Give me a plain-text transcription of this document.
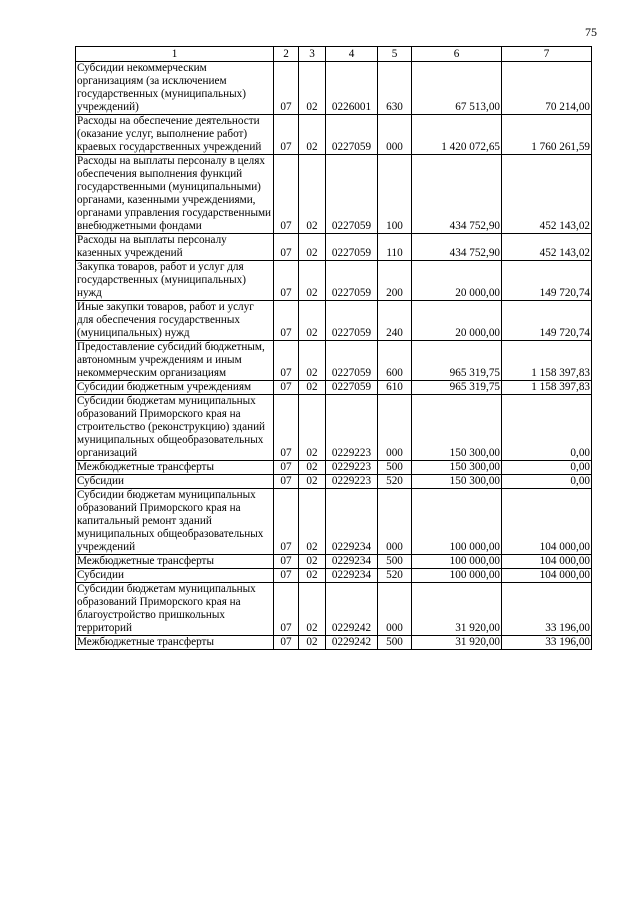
75
1	2	3	4	5	6	7
Субсидии некоммерческим организациям (за исключением государственных (муниципальных) учреждений)	07	02	0226001	630	67 513,00	70 214,00
Расходы на обеспечение деятельности (оказание услуг, выполнение работ) краевых государственных учреждений	07	02	0227059	000	1 420 072,65	1 760 261,59
Расходы на выплаты персоналу в целях обеспечения выполнения функций государственными (муниципальными) органами, казенными учреждениями, органами управления государственными внебюджетными фондами	07	02	0227059	100	434 752,90	452 143,02
Расходы на выплаты персоналу казенных учреждений	07	02	0227059	110	434 752,90	452 143,02
Закупка товаров, работ и услуг для государственных (муниципальных) нужд	07	02	0227059	200	20 000,00	149 720,74
Иные закупки товаров, работ и услуг для обеспечения государственных (муниципальных) нужд	07	02	0227059	240	20 000,00	149 720,74
Предоставление субсидий бюджетным, автономным учреждениям и иным некоммерческим организациям	07	02	0227059	600	965 319,75	1 158 397,83
Субсидии бюджетным учреждениям	07	02	0227059	610	965 319,75	1 158 397,83
Субсидии бюджетам муниципальных образований Приморского края на строительство (реконструкцию) зданий муниципальных общеобразовательных организаций	07	02	0229223	000	150 300,00	0,00
Межбюджетные трансферты	07	02	0229223	500	150 300,00	0,00
Субсидии	07	02	0229223	520	150 300,00	0,00
Субсидии бюджетам муниципальных образований Приморского края на капитальный ремонт зданий муниципальных общеобразовательных учреждений	07	02	0229234	000	100 000,00	104 000,00
Межбюджетные трансферты	07	02	0229234	500	100 000,00	104 000,00
Субсидии	07	02	0229234	520	100 000,00	104 000,00
Субсидии бюджетам муниципальных образований Приморского края на благоустройство пришкольных территорий	07	02	0229242	000	31 920,00	33 196,00
Межбюджетные трансферты	07	02	0229242	500	31 920,00	33 196,00
